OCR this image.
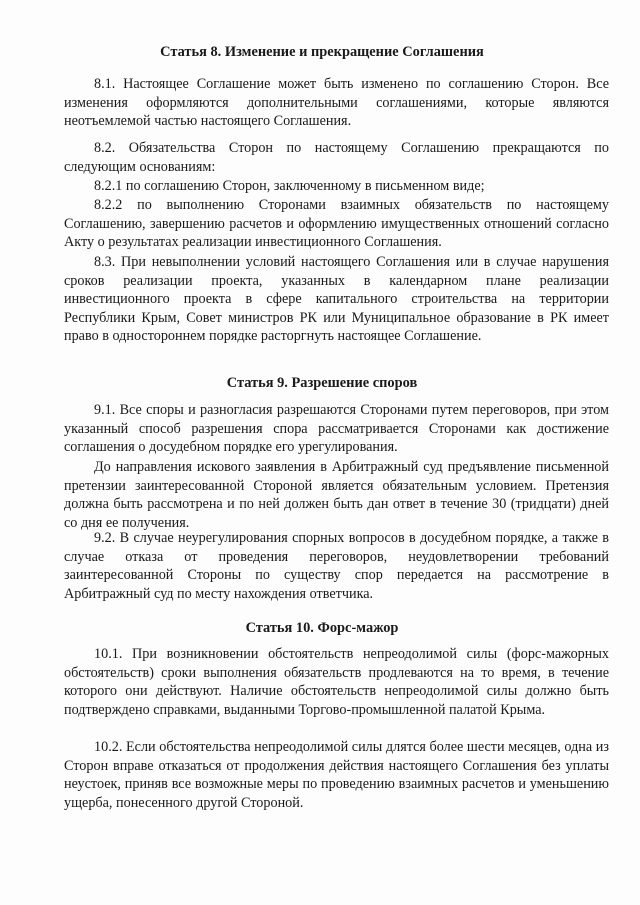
Статья 8. Изменение и прекращение Соглашения
8.1. Настоящее Соглашение может быть изменено по соглашению Сторон. Все изменения оформляются дополнительными соглашениями, которые являются неотъемлемой частью настоящего Соглашения.
8.2. Обязательства Сторон по настоящему Соглашению прекращаются по следующим основаниям:
8.2.1 по соглашению Сторон, заключенному в письменном виде;
8.2.2 по выполнению Сторонами взаимных обязательств по настоящему Соглашению, завершению расчетов и оформлению имущественных отношений согласно Акту о результатах реализации инвестиционного Соглашения.
8.3. При невыполнении условий настоящего Соглашения или в случае нарушения сроков реализации проекта, указанных в календарном плане реализации инвестиционного проекта в сфере капитального строительства на территории Республики Крым, Совет министров РК или Муниципальное образование в РК имеет право в одностороннем порядке расторгнуть настоящее Соглашение.
Статья 9. Разрешение споров
9.1. Все споры и разногласия разрешаются Сторонами путем переговоров, при этом указанный способ разрешения спора рассматривается Сторонами как достижение соглашения о досудебном порядке его урегулирования.
До направления искового заявления в Арбитражный суд предъявление письменной претензии заинтересованной Стороной является обязательным условием. Претензия должна быть рассмотрена и по ней должен быть дан ответ в течение 30 (тридцати) дней со дня ее получения.
9.2. В случае неурегулирования спорных вопросов в досудебном порядке, а также в случае отказа от проведения переговоров, неудовлетворении требований заинтересованной Стороны по существу спор передается на рассмотрение в Арбитражный суд по месту нахождения ответчика.
Статья 10. Форс-мажор
10.1. При возникновении обстоятельств непреодолимой силы (форс-мажорных обстоятельств) сроки выполнения обязательств продлеваются на то время, в течение которого они действуют. Наличие обстоятельств непреодолимой силы должно быть подтверждено справками, выданными Торгово-промышленной палатой Крыма.
10.2. Если обстоятельства непреодолимой силы длятся более шести месяцев, одна из Сторон вправе отказаться от продолжения действия настоящего Соглашения без уплаты неустоек, приняв все возможные меры по проведению взаимных расчетов и уменьшению ущерба, понесенного другой Стороной.
